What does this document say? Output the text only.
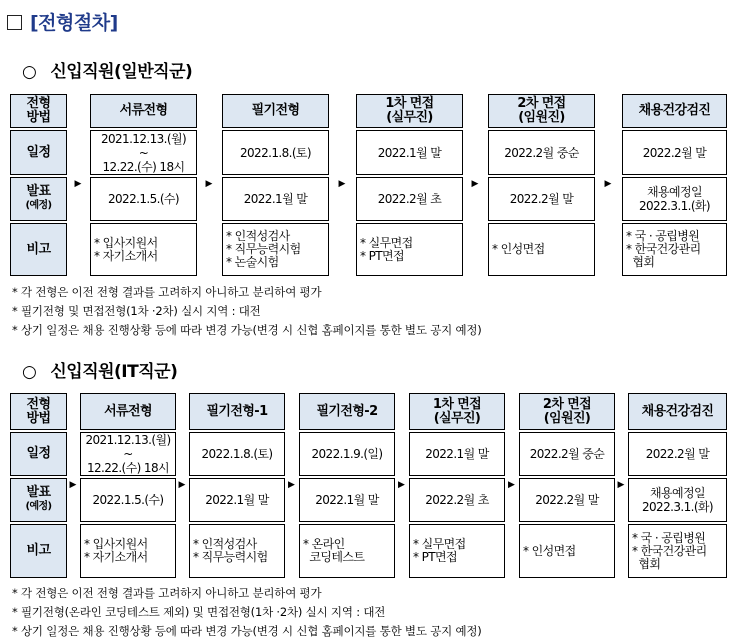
[전형절차]
○ 신입직원(일반직군)
전형
방법
일정
발표
(예정)
비고
서류전형
2021.12.13.(월)
~
12.22.(수) 18시
2022.1.5.(수)
* 입사지원서
* 자기소개서
▶
필기전형
2022.1.8.(토)
2022.1월 말
* 인적성검사
* 직무능력시험
* 논술시험
▶
1차 면접
(실무진)
2022.1월 말
2022.2월 초
* 실무면접
* PT면접
▶
2차 면접
(임원진)
2022.2월 중순
2022.2월 말
* 인성면접
▶
채용건강검진
2022.2월 말
채용예정일
2022.3.1.(화)
* 국 · 공립병원
* 한국건강관리
협회
▶
* 각 전형은 이전 전형 결과를 고려하지 아니하고 분리하여 평가
* 필기전형 및 면접전형(1차 ·2차) 실시 지역 : 대전
* 상기 일정은 채용 진행상황 등에 따라 변경 가능(변경 시 신협 홈페이지를 통한 별도 공지 예정)
○ 신입직원(IT직군)
전형
방법
일정
발표
(예정)
비고
서류전형
2021.12.13.(월)
~
12.22.(수) 18시
2022.1.5.(수)
* 입사지원서
* 자기소개서
▶
필기전형-1
2022.1.8.(토)
2022.1월 말
* 인적성검사
* 직무능력시험
▶
필기전형-2
2022.1.9.(일)
2022.1월 말
* 온라인
코딩테스트
▶
1차 면접
(실무진)
2022.1월 말
2022.2월 초
* 실무면접
* PT면접
▶
2차 면접
(임원진)
2022.2월 중순
2022.2월 말
* 인성면접
▶
채용건강검진
2022.2월 말
채용예정일
2022.3.1.(화)
* 국 · 공립병원
* 한국건강관리
협회
▶
* 각 전형은 이전 전형 결과를 고려하지 아니하고 분리하여 평가
* 필기전형(온라인 코딩테스트 제외) 및 면접전형(1차 ·2차) 실시 지역 : 대전
* 상기 일정은 채용 진행상황 등에 따라 변경 가능(변경 시 신협 홈페이지를 통한 별도 공지 예정)
